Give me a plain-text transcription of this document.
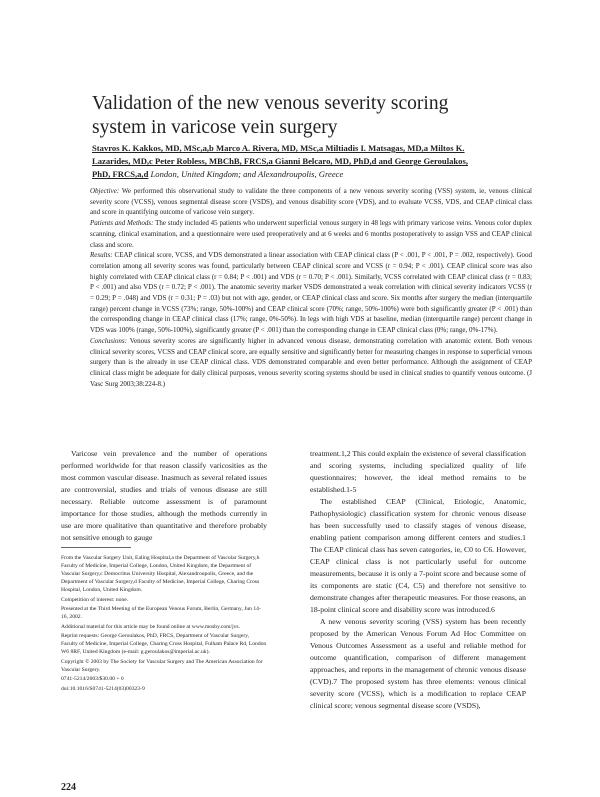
Validation of the new venous severity scoring
system in varicose vein surgery
Stavros K. Kakkos, MD, MSc,a,b Marco A. Rivera, MD, MSc,a Miltiadis I. Matsagas, MD,a Miltos K.
Lazarides, MD,c Peter Robless, MBChB, FRCS,a Gianni Belcaro, MD, PhD,d and George Geroulakos,
PhD, FRCS,a,d London, United Kingdom; and Alexandroupolis, Greece

Objective: We performed this observational study to validate the three components of a new venous severity scoring (VSS) system, ie, venous clinical severity score (VCSS), venous segmental disease score (VSDS), and venous disability score (VDS), and to evaluate VCSS, VDS, and CEAP clinical class and score in quantifying outcome of varicose vein surgery.

Patients and Methods: The study included 45 patients who underwent superficial venous surgery in 48 legs with primary varicose veins. Venous color duplex scanning, clinical examination, and a questionnaire were used preoperatively and at 6 weeks and 6 months postoperatively to assign VSS and CEAP clinical class and score.

Results: CEAP clinical score, VCSS, and VDS demonstrated a linear association with CEAP clinical class (P < .001, P < .001, P = .002, respectively). Good correlation among all severity scores was found, particularly between CEAP clinical score and VCSS (r = 0.94; P < .001). CEAP clinical score was also highly correlated with CEAP clinical class (r = 0.84; P < .001) and VDS (r = 0.70; P < .001). Similarly, VCSS correlated with CEAP clinical class (r = 0.83; P < .001) and also VDS (r = 0.72; P < .001). The anatomic severity marker VSDS demonstrated a weak correlation with clinical severity indicators VCSS (r = 0.29; P = .048) and VDS (r = 0.31; P = .03) but not with age, gender, or CEAP clinical class and score. Six months after surgery the median (interquartile range) percent change in VCSS (73%; range, 50%-100%) and CEAP clinical score (70%; range, 50%-100%) were both significantly greater (P < .001) than the corresponding change in CEAP clinical class (17%; range, 0%-50%). In legs with high VDS at baseline, median (interquartile range) percent change in VDS was 100% (range, 50%-100%), significantly greater (P < .001) than the corresponding change in CEAP clinical class (0%; range, 0%-17%).

Conclusions: Venous severity scores are significantly higher in advanced venous disease, demonstrating correlation with anatomic extent. Both venous clinical severity scores, VCSS and CEAP clinical score, are equally sensitive and significantly better for measuring changes in response to superficial venous surgery than is the already in use CEAP clinical class. VDS demonstrated comparable and even better performance. Although the assignment of CEAP clinical class might be adequate for daily clinical purposes, venous severity scoring systems should be used in clinical studies to quantify venous outcome. (J Vasc Surg 2003;38:224-8.)

Varicose vein prevalence and the number of operations performed worldwide for that reason classify varicosities as the most common vascular disease. Inasmuch as several related issues are controversial, studies and trials of venous disease are still necessary. Reliable outcome assessment is of paramount importance for those studies, although the methods currently in use are more qualitative than quantitative and therefore probably not sensitive enough to gauge

From the Vascular Surgery Unit, Ealing Hospital,a the Department of Vascular Surgery,b Faculty of Medicine, Imperial College, London, United Kingdom, the Department of Vascular Surgery,c Democritus University Hospital, Alexandroupolis, Greece, and the Department of Vascular Surgery,d Faculty of Medicine, Imperial College, Charing Cross Hospital, London, United Kingdom.

Competition of interest: none.

Presented at the Third Meeting of the European Venous Forum, Berlin, Germany, Jun 14-16, 2002.

Additional material for this article may be found online at www.mosby.com/jvs.

Reprint requests: George Geroulakos, PhD, FRCS, Department of Vascular Surgery, Faculty of Medicine, Imperial College, Charing Cross Hospital, Fulham Palace Rd, London W6 8RF, United Kingdom (e-mail: g.geroulakos@imperial.ac.uk).

Copyright © 2003 by The Society for Vascular Surgery and The American Association for Vascular Surgery.

0741-5214/2003/$30.00 + 0

doi:10.1016/S0741-5214(03)00323-9

treatment.1,2 This could explain the existence of several classification and scoring systems, including specialized quality of life questionnaires; however, the ideal method remains to be established.1-5

The established CEAP (Clinical, Etiologic, Anatomic, Pathophysiologic) classification system for chronic venous disease has been successfully used to classify stages of venous disease, enabling patient comparison among different centers and studies.1 The CEAP clinical class has seven categories, ie, C0 to C6. However, CEAP clinical class is not particularly useful for outcome measurements, because it is only a 7-point score and because some of its components are static (C4, C5) and therefore not sensitive to demonstrate changes after therapeutic measures. For those reasons, an 18-point clinical score and disability score was introduced.6

A new venous severity scoring (VSS) system has been recently proposed by the American Venous Forum Ad Hoc Committee on Venous Outcomes Assessment as a useful and reliable method for outcome quantification, comparison of different management approaches, and reports in the management of chronic venous disease (CVD).7 The proposed system has three elements: venous clinical severity score (VCSS), which is a modification to replace CEAP clinical score; venous segmental disease score (VSDS),

224
